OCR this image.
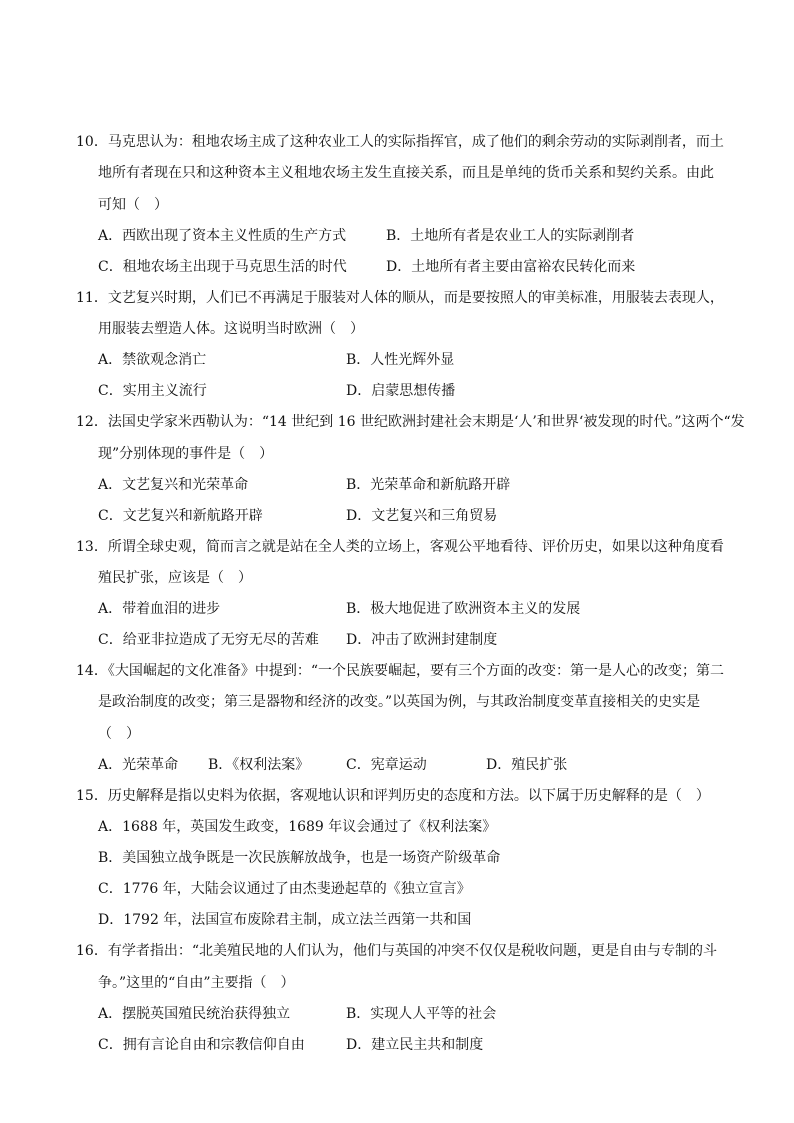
10．马克思认为：租地农场主成了这种农业工人的实际指挥官，成了他们的剩余劳动的实际剥削者，而土
地所有者现在只和这种资本主义租地农场主发生直接关系，而且是单纯的货币关系和契约关系。由此
可知（　）
A．西欧出现了资本主义性质的生产方式	B．土地所有者是农业工人的实际剥削者
C．租地农场主出现于马克思生活的时代	D．土地所有者主要由富裕农民转化而来
11．文艺复兴时期，人们已不再满足于服装对人体的顺从，而是要按照人的审美标准，用服装去表现人，
用服装去塑造人体。这说明当时欧洲（　）
A．禁欲观念消亡	B．人性光辉外显
C．实用主义流行	D．启蒙思想传播
12．法国史学家米西勒认为：“14 世纪到 16 世纪欧洲封建社会末期是‘人’和世界‘被发现的时代。”这两个“发
现”分别体现的事件是（　）
A．文艺复兴和光荣革命	B．光荣革命和新航路开辟
C．文艺复兴和新航路开辟	D．文艺复兴和三角贸易
13．所谓全球史观，简而言之就是站在全人类的立场上，客观公平地看待、评价历史，如果以这种角度看
殖民扩张，应该是（　）
A．带着血泪的进步	B．极大地促进了欧洲资本主义的发展
C．给亚非拉造成了无穷无尽的苦难 D．冲击了欧洲封建制度
14．《大国崛起的文化准备》中提到：“一个民族要崛起，要有三个方面的改变：第一是人心的改变；第二
是政治制度的改变；第三是器物和经济的改变。”以英国为例，与其政治制度变革直接相关的史实是
（　）
A．光荣革命 B．《权利法案》	C．宪章运动	D．殖民扩张
15．历史解释是指以史料为依据，客观地认识和评判历史的态度和方法。以下属于历史解释的是（　）
A．1688 年，英国发生政变，1689 年议会通过了《权利法案》
B．美国独立战争既是一次民族解放战争，也是一场资产阶级革命
C．1776 年，大陆会议通过了由杰斐逊起草的《独立宣言》
D．1792 年，法国宣布废除君主制，成立法兰西第一共和国
16．有学者指出：“北美殖民地的人们认为，他们与英国的冲突不仅仅是税收问题，更是自由与专制的斗
争。”这里的“自由”主要指（　）
A．摆脱英国殖民统治获得独立	B．实现人人平等的社会
C．拥有言论自由和宗教信仰自由	D．建立民主共和制度
